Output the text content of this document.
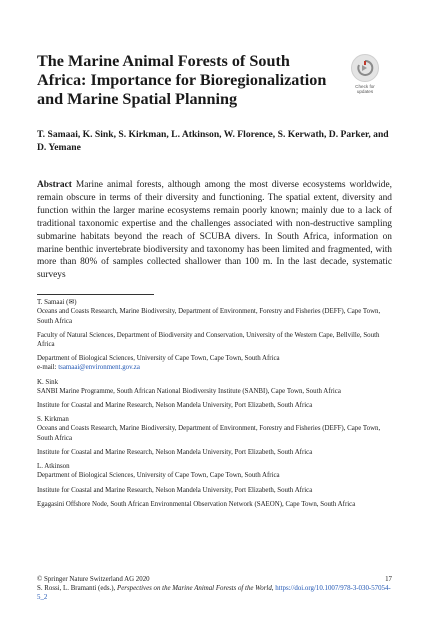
The Marine Animal Forests of South Africa: Importance for Bioregionalization and Marine Spatial Planning
Check for
updates

T. Samaai, K. Sink, S. Kirkman, L. Atkinson, W. Florence, S. Kerwath, D. Parker, and D. Yemane

Abstract Marine animal forests, although among the most diverse ecosystems worldwide, remain obscure in terms of their diversity and functioning. The spatial extent, diversity and function within the larger marine ecosystems remain poorly known; mainly due to a lack of traditional taxonomic expertise and the challenges associated with non-destructive sampling submarine habitats beyond the reach of SCUBA divers. In South Africa, information on marine benthic invertebrate biodiversity and taxonomy has been limited and fragmented, with more than 80% of samples collected shallower than 100 m. In the last decade, systematic surveys

T. Samaai (✉)
Oceans and Coasts Research, Marine Biodiversity, Department of Environment, Forestry and Fisheries (DEFF), Cape Town, South Africa
Faculty of Natural Sciences, Department of Biodiversity and Conservation, University of the Western Cape, Bellville, South Africa
Department of Biological Sciences, University of Cape Town, Cape Town, South Africa
e-mail: tsamaai@environment.gov.za
K. Sink
SANBI Marine Programme, South African National Biodiversity Institute (SANBI), Cape Town, South Africa
Institute for Coastal and Marine Research, Nelson Mandela University, Port Elizabeth, South Africa
S. Kirkman
Oceans and Coasts Research, Marine Biodiversity, Department of Environment, Forestry and Fisheries (DEFF), Cape Town, South Africa
Institute for Coastal and Marine Research, Nelson Mandela University, Port Elizabeth, South Africa
L. Atkinson
Department of Biological Sciences, University of Cape Town, Cape Town, South Africa
Institute for Coastal and Marine Research, Nelson Mandela University, Port Elizabeth, South Africa
Egagasini Offshore Node, South African Environmental Observation Network (SAEON), Cape Town, South Africa
17
© Springer Nature Switzerland AG 2020
S. Rossi, L. Bramanti (eds.), Perspectives on the Marine Animal Forests of the World, https://doi.org/10.1007/978-3-030-57054-5_2
